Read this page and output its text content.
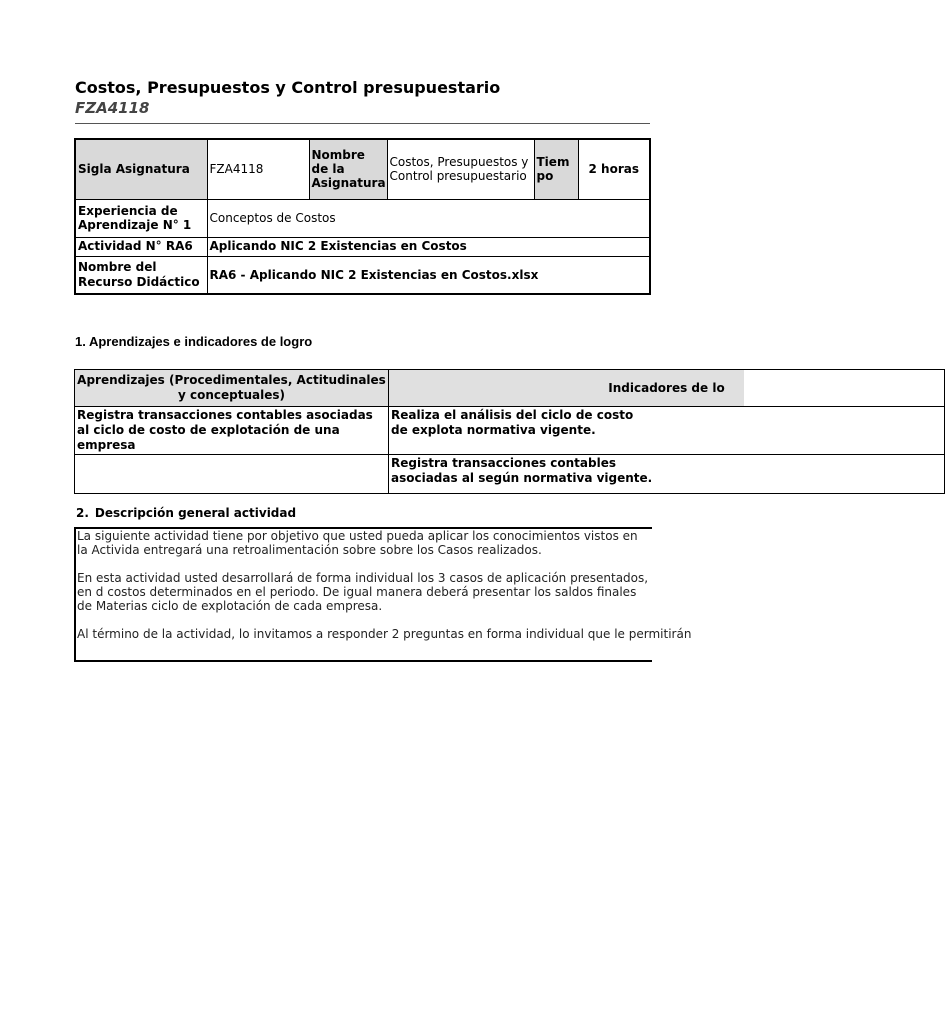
Costos, Presupuestos y Control presupuestario
FZA4118
Sigla Asignatura	FZA4118	Nombre de la Asignatura	Costos, Presupuestos y Control presupuestario	Tiempo	2 horas
Experiencia de Aprendizaje N° 1	Conceptos de Costos				
Actividad N° RA6	Aplicando NIC 2 Existencias en Costos				
Nombre del Recurso Didáctico	RA6 - Aplicando NIC 2 Existencias en Costos.xlsx				
1. Aprendizajes e indicadores de logro
Aprendizajes (Procedimentales, Actitudinales y conceptuales)	Indicadores de lo
Registra transacciones contables asociadas al ciclo de costo de explotación de una empresa	Realiza el análisis del ciclo de costo de explota normativa vigente.

	Registra transacciones contables asociadas al según normativa vigente.
2. Descripción general actividad

La siguiente actividad tiene por objetivo que usted pueda aplicar los conocimientos vistos en la Activida entregará una retroalimentación sobre sobre los Casos realizados.

En esta actividad usted desarrollará de forma individual los 3 casos de aplicación presentados, en d costos determinados en el periodo. De igual manera deberá presentar los saldos finales de Materias ciclo de explotación de cada empresa.

Al término de la actividad, lo invitamos a responder 2 preguntas en forma individual que le permitirán
